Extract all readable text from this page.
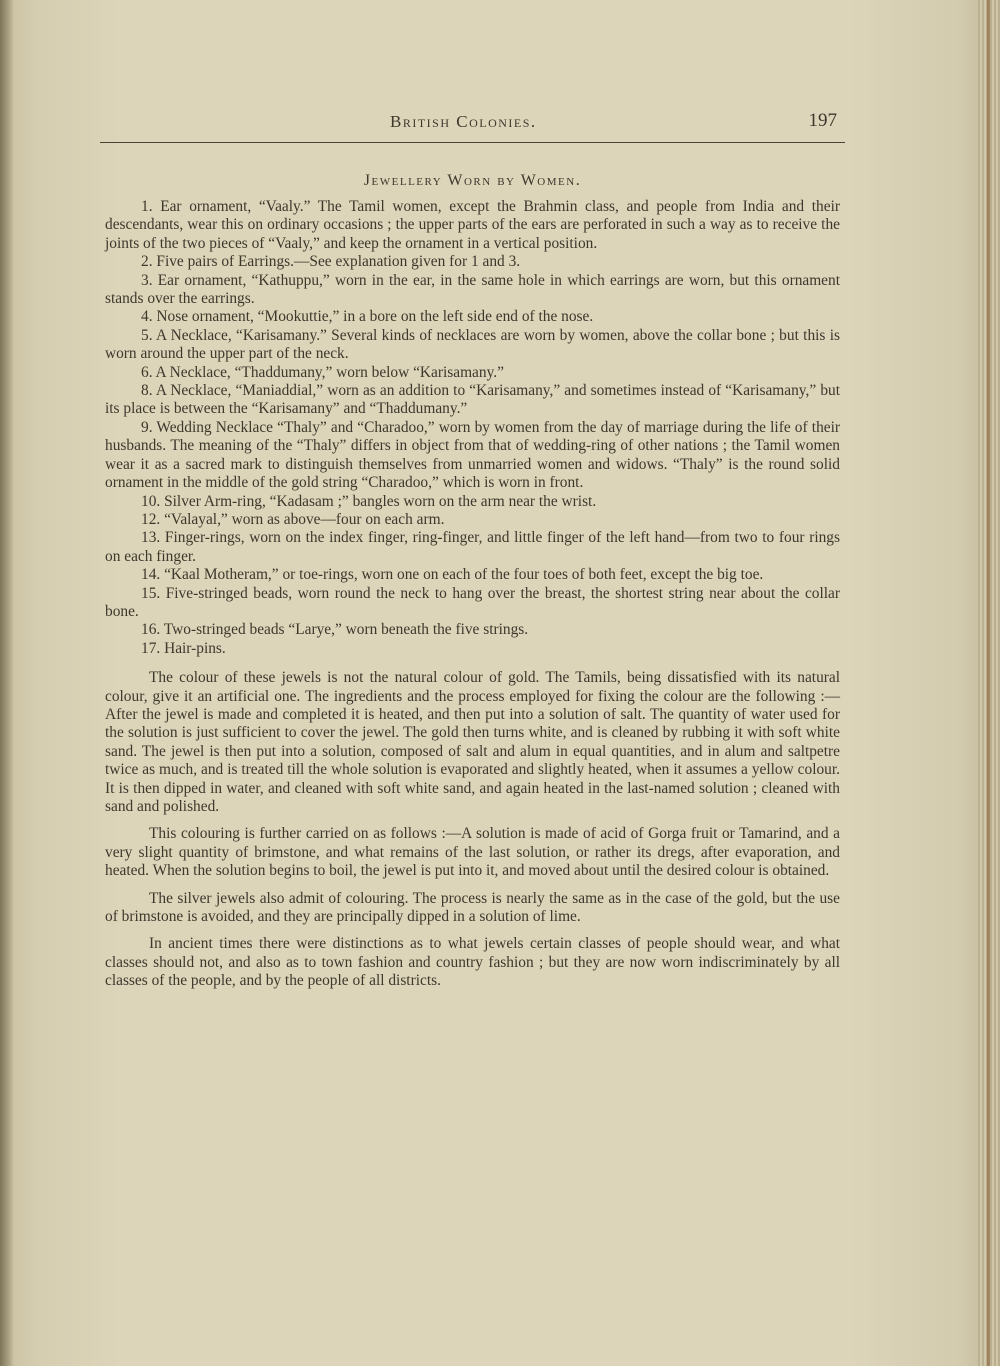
British Colonies.	197
Jewellery Worn by Women.

1. Ear ornament, “Vaaly.” The Tamil women, except the Brahmin class, and people from India and their descendants, wear this on ordinary occasions ; the upper parts of the ears are perforated in such a way as to receive the joints of the two pieces of “Vaaly,” and keep the ornament in a vertical position.

2. Five pairs of Earrings.—See explanation given for 1 and 3.

3. Ear ornament, “Kathuppu,” worn in the ear, in the same hole in which earrings are worn, but this ornament stands over the earrings.

4. Nose ornament, “Mookuttie,” in a bore on the left side end of the nose.

5. A Necklace, “Karisamany.” Several kinds of necklaces are worn by women, above the collar bone ; but this is worn around the upper part of the neck.

6. A Necklace, “Thaddumany,” worn below “Karisamany.”

8. A Necklace, “Maniaddial,” worn as an addition to “Karisamany,” and sometimes instead of “Karisamany,” but its place is between the “Karisamany” and “Thaddumany.”

9. Wedding Necklace “Thaly” and “Charadoo,” worn by women from the day of marriage during the life of their husbands. The meaning of the “Thaly” differs in object from that of wedding-ring of other nations ; the Tamil women wear it as a sacred mark to distinguish themselves from unmarried women and widows. “Thaly” is the round solid ornament in the middle of the gold string “Charadoo,” which is worn in front.

10. Silver Arm-ring, “Kadasam ;” bangles worn on the arm near the wrist.

12. “Valayal,” worn as above—four on each arm.

13. Finger-rings, worn on the index finger, ring-finger, and little finger of the left hand—from two to four rings on each finger.

14. “Kaal Motheram,” or toe-rings, worn one on each of the four toes of both feet, except the big toe.

15. Five-stringed beads, worn round the neck to hang over the breast, the shortest string near about the collar bone.

16. Two-stringed beads “Larye,” worn beneath the five strings.

17. Hair-pins.

The colour of these jewels is not the natural colour of gold. The Tamils, being dissatisfied with its natural colour, give it an artificial one. The ingredients and the process employed for fixing the colour are the following :—After the jewel is made and completed it is heated, and then put into a solution of salt. The quantity of water used for the solution is just sufficient to cover the jewel. The gold then turns white, and is cleaned by rubbing it with soft white sand. The jewel is then put into a solution, composed of salt and alum in equal quantities, and in alum and saltpetre twice as much, and is treated till the whole solution is evaporated and slightly heated, when it assumes a yellow colour. It is then dipped in water, and cleaned with soft white sand, and again heated in the last-named solution ; cleaned with sand and polished.

This colouring is further carried on as follows :—A solution is made of acid of Gorga fruit or Tamarind, and a very slight quantity of brimstone, and what remains of the last solution, or rather its dregs, after evaporation, and heated. When the solution begins to boil, the jewel is put into it, and moved about until the desired colour is obtained.

The silver jewels also admit of colouring. The process is nearly the same as in the case of the gold, but the use of brimstone is avoided, and they are principally dipped in a solution of lime.

In ancient times there were distinctions as to what jewels certain classes of people should wear, and what classes should not, and also as to town fashion and country fashion ; but they are now worn indiscriminately by all classes of the people, and by the people of all districts.
